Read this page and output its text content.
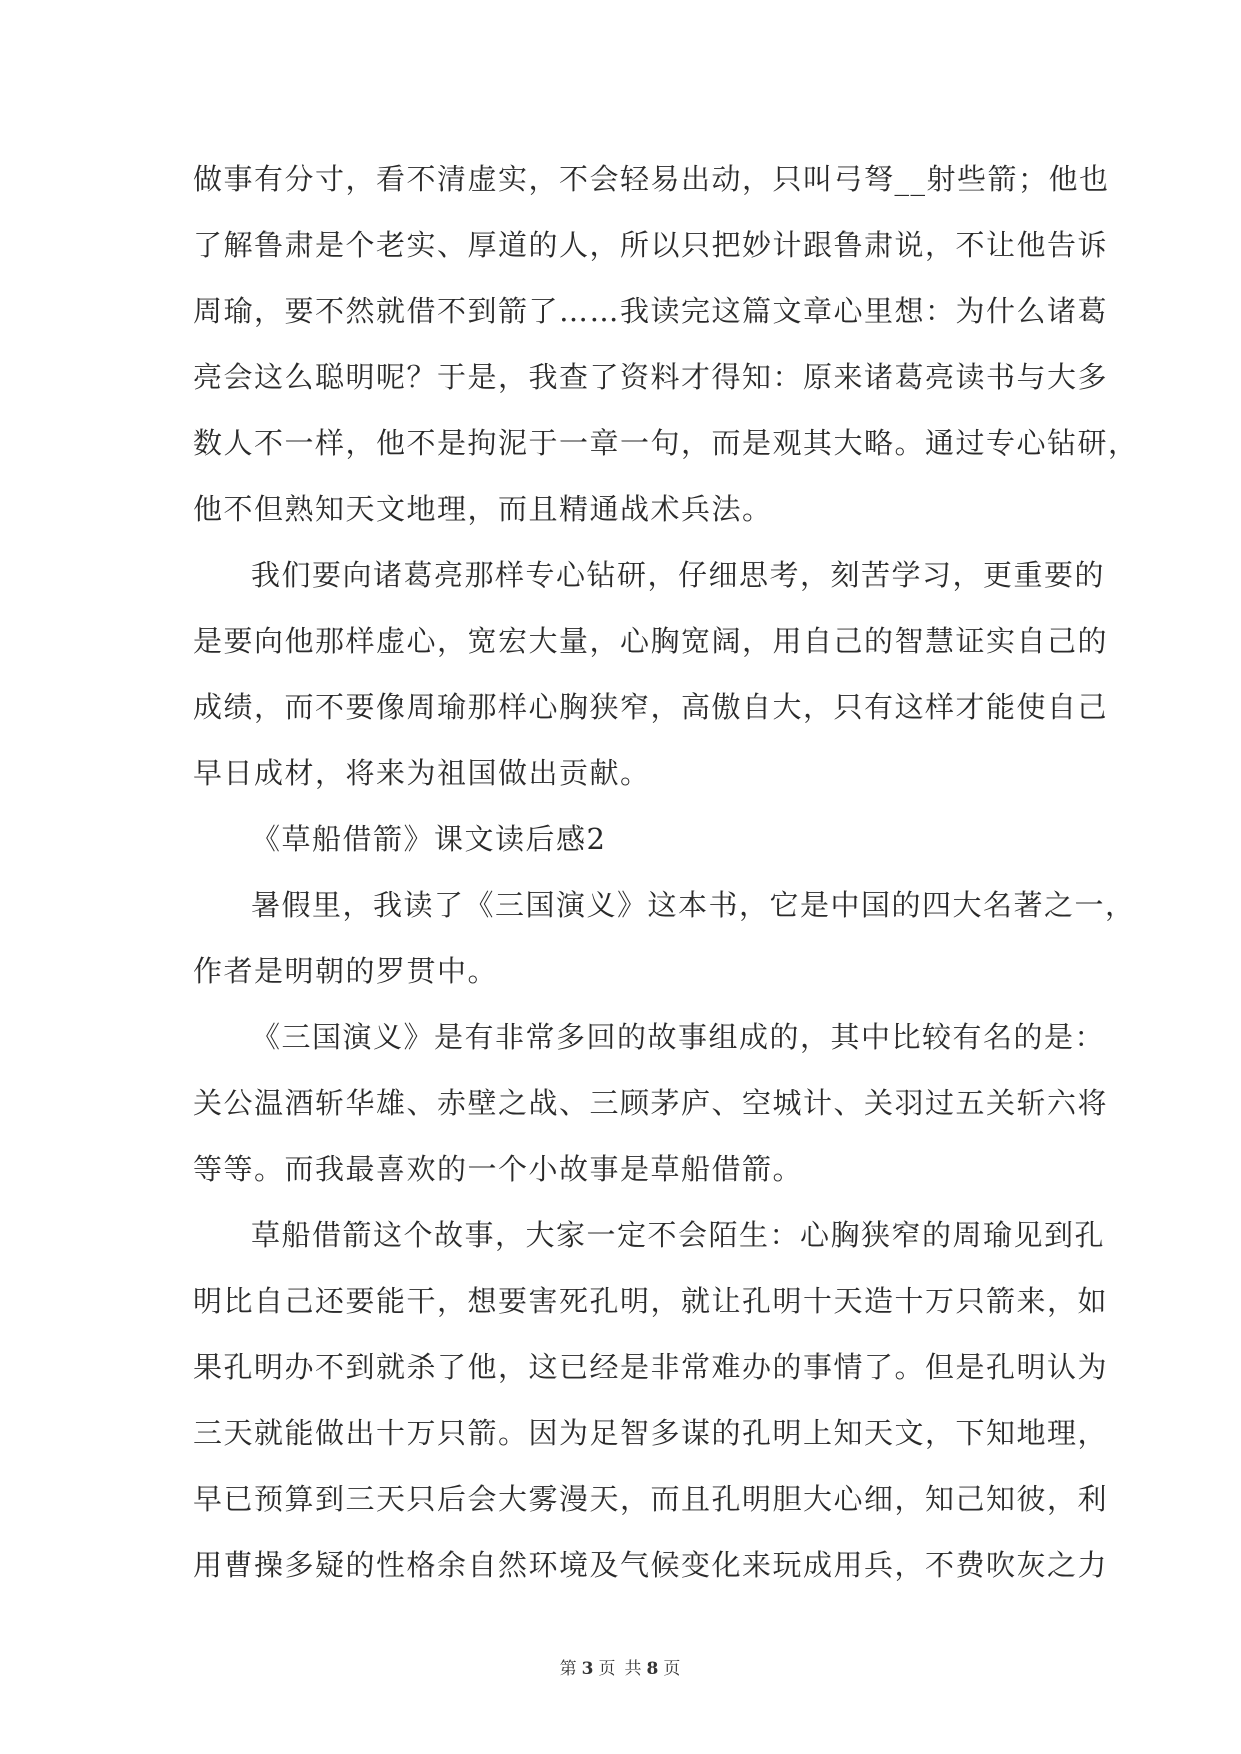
做事有分寸，看不清虚实，不会轻易出动，只叫弓弩__射些箭；他也
了解鲁肃是个老实、厚道的人，所以只把妙计跟鲁肃说，不让他告诉
周瑜，要不然就借不到箭了……我读完这篇文章心里想：为什么诸葛
亮会这么聪明呢？于是，我查了资料才得知：原来诸葛亮读书与大多
数人不一样，他不是拘泥于一章一句，而是观其大略。通过专心钻研，
他不但熟知天文地理，而且精通战术兵法。
我们要向诸葛亮那样专心钻研，仔细思考，刻苦学习，更重要的
是要向他那样虚心，宽宏大量，心胸宽阔，用自己的智慧证实自己的
成绩，而不要像周瑜那样心胸狭窄，高傲自大，只有这样才能使自己
早日成材，将来为祖国做出贡献。
《草船借箭》课文读后感2
暑假里，我读了《三国演义》这本书，它是中国的四大名著之一，
作者是明朝的罗贯中。
《三国演义》是有非常多回的故事组成的，其中比较有名的是：
关公温酒斩华雄、赤壁之战、三顾茅庐、空城计、关羽过五关斩六将
等等。而我最喜欢的一个小故事是草船借箭。
草船借箭这个故事，大家一定不会陌生：心胸狭窄的周瑜见到孔
明比自己还要能干，想要害死孔明，就让孔明十天造十万只箭来，如
果孔明办不到就杀了他，这已经是非常难办的事情了。但是孔明认为
三天就能做出十万只箭。因为足智多谋的孔明上知天文，下知地理，
早已预算到三天只后会大雾漫天，而且孔明胆大心细，知己知彼，利
用曹操多疑的性格余自然环境及气候变化来玩成用兵，不费吹灰之力
第 3 页 共 8 页
